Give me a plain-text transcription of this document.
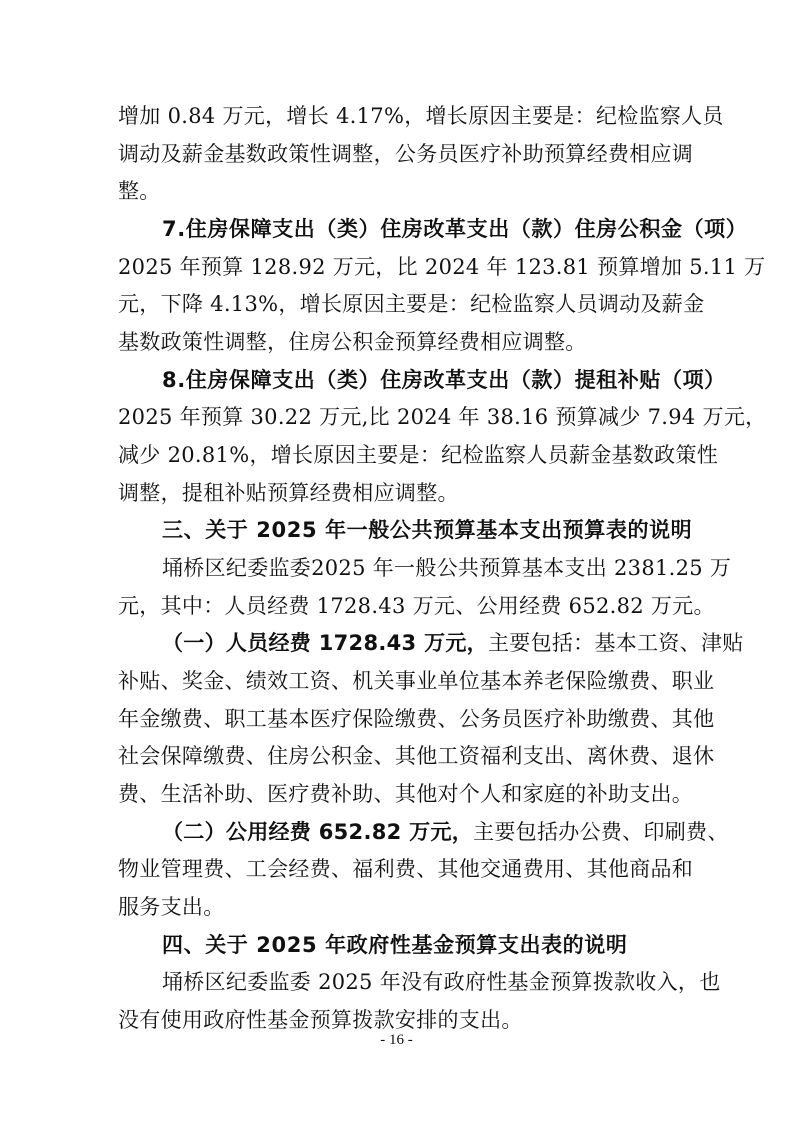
增加 0.84 万元，增长 4.17%，增长原因主要是：纪检监察人员
调动及薪金基数政策性调整，公务员医疗补助预算经费相应调
整。
7.住房保障支出（类）住房改革支出（款）住房公积金（项）
2025 年预算 128.92 万元，比 2024 年 123.81 预算增加 5.11 万
元，下降 4.13%，增长原因主要是：纪检监察人员调动及薪金
基数政策性调整，住房公积金预算经费相应调整。
8.住房保障支出（类）住房改革支出（款）提租补贴（项）
2025 年预算 30.22 万元,比 2024 年 38.16 预算减少 7.94 万元，
减少 20.81%，增长原因主要是：纪检监察人员薪金基数政策性
调整，提租补贴预算经费相应调整。
三、关于 2025 年一般公共预算基本支出预算表的说明
埇桥区纪委监委2025 年一般公共预算基本支出 2381.25 万
元，其中：人员经费 1728.43 万元、公用经费 652.82 万元。
（一）人员经费 1728.43 万元，主要包括：基本工资、津贴
补贴、奖金、绩效工资、机关事业单位基本养老保险缴费、职业
年金缴费、职工基本医疗保险缴费、公务员医疗补助缴费、其他
社会保障缴费、住房公积金、其他工资福利支出、离休费、退休
费、生活补助、医疗费补助、其他对个人和家庭的补助支出。
（二）公用经费 652.82 万元，主要包括办公费、印刷费、
物业管理费、工会经费、福利费、其他交通费用、其他商品和
服务支出。
四、关于 2025 年政府性基金预算支出表的说明
埇桥区纪委监委 2025 年没有政府性基金预算拨款收入，也
没有使用政府性基金预算拨款安排的支出。
- 16 -
